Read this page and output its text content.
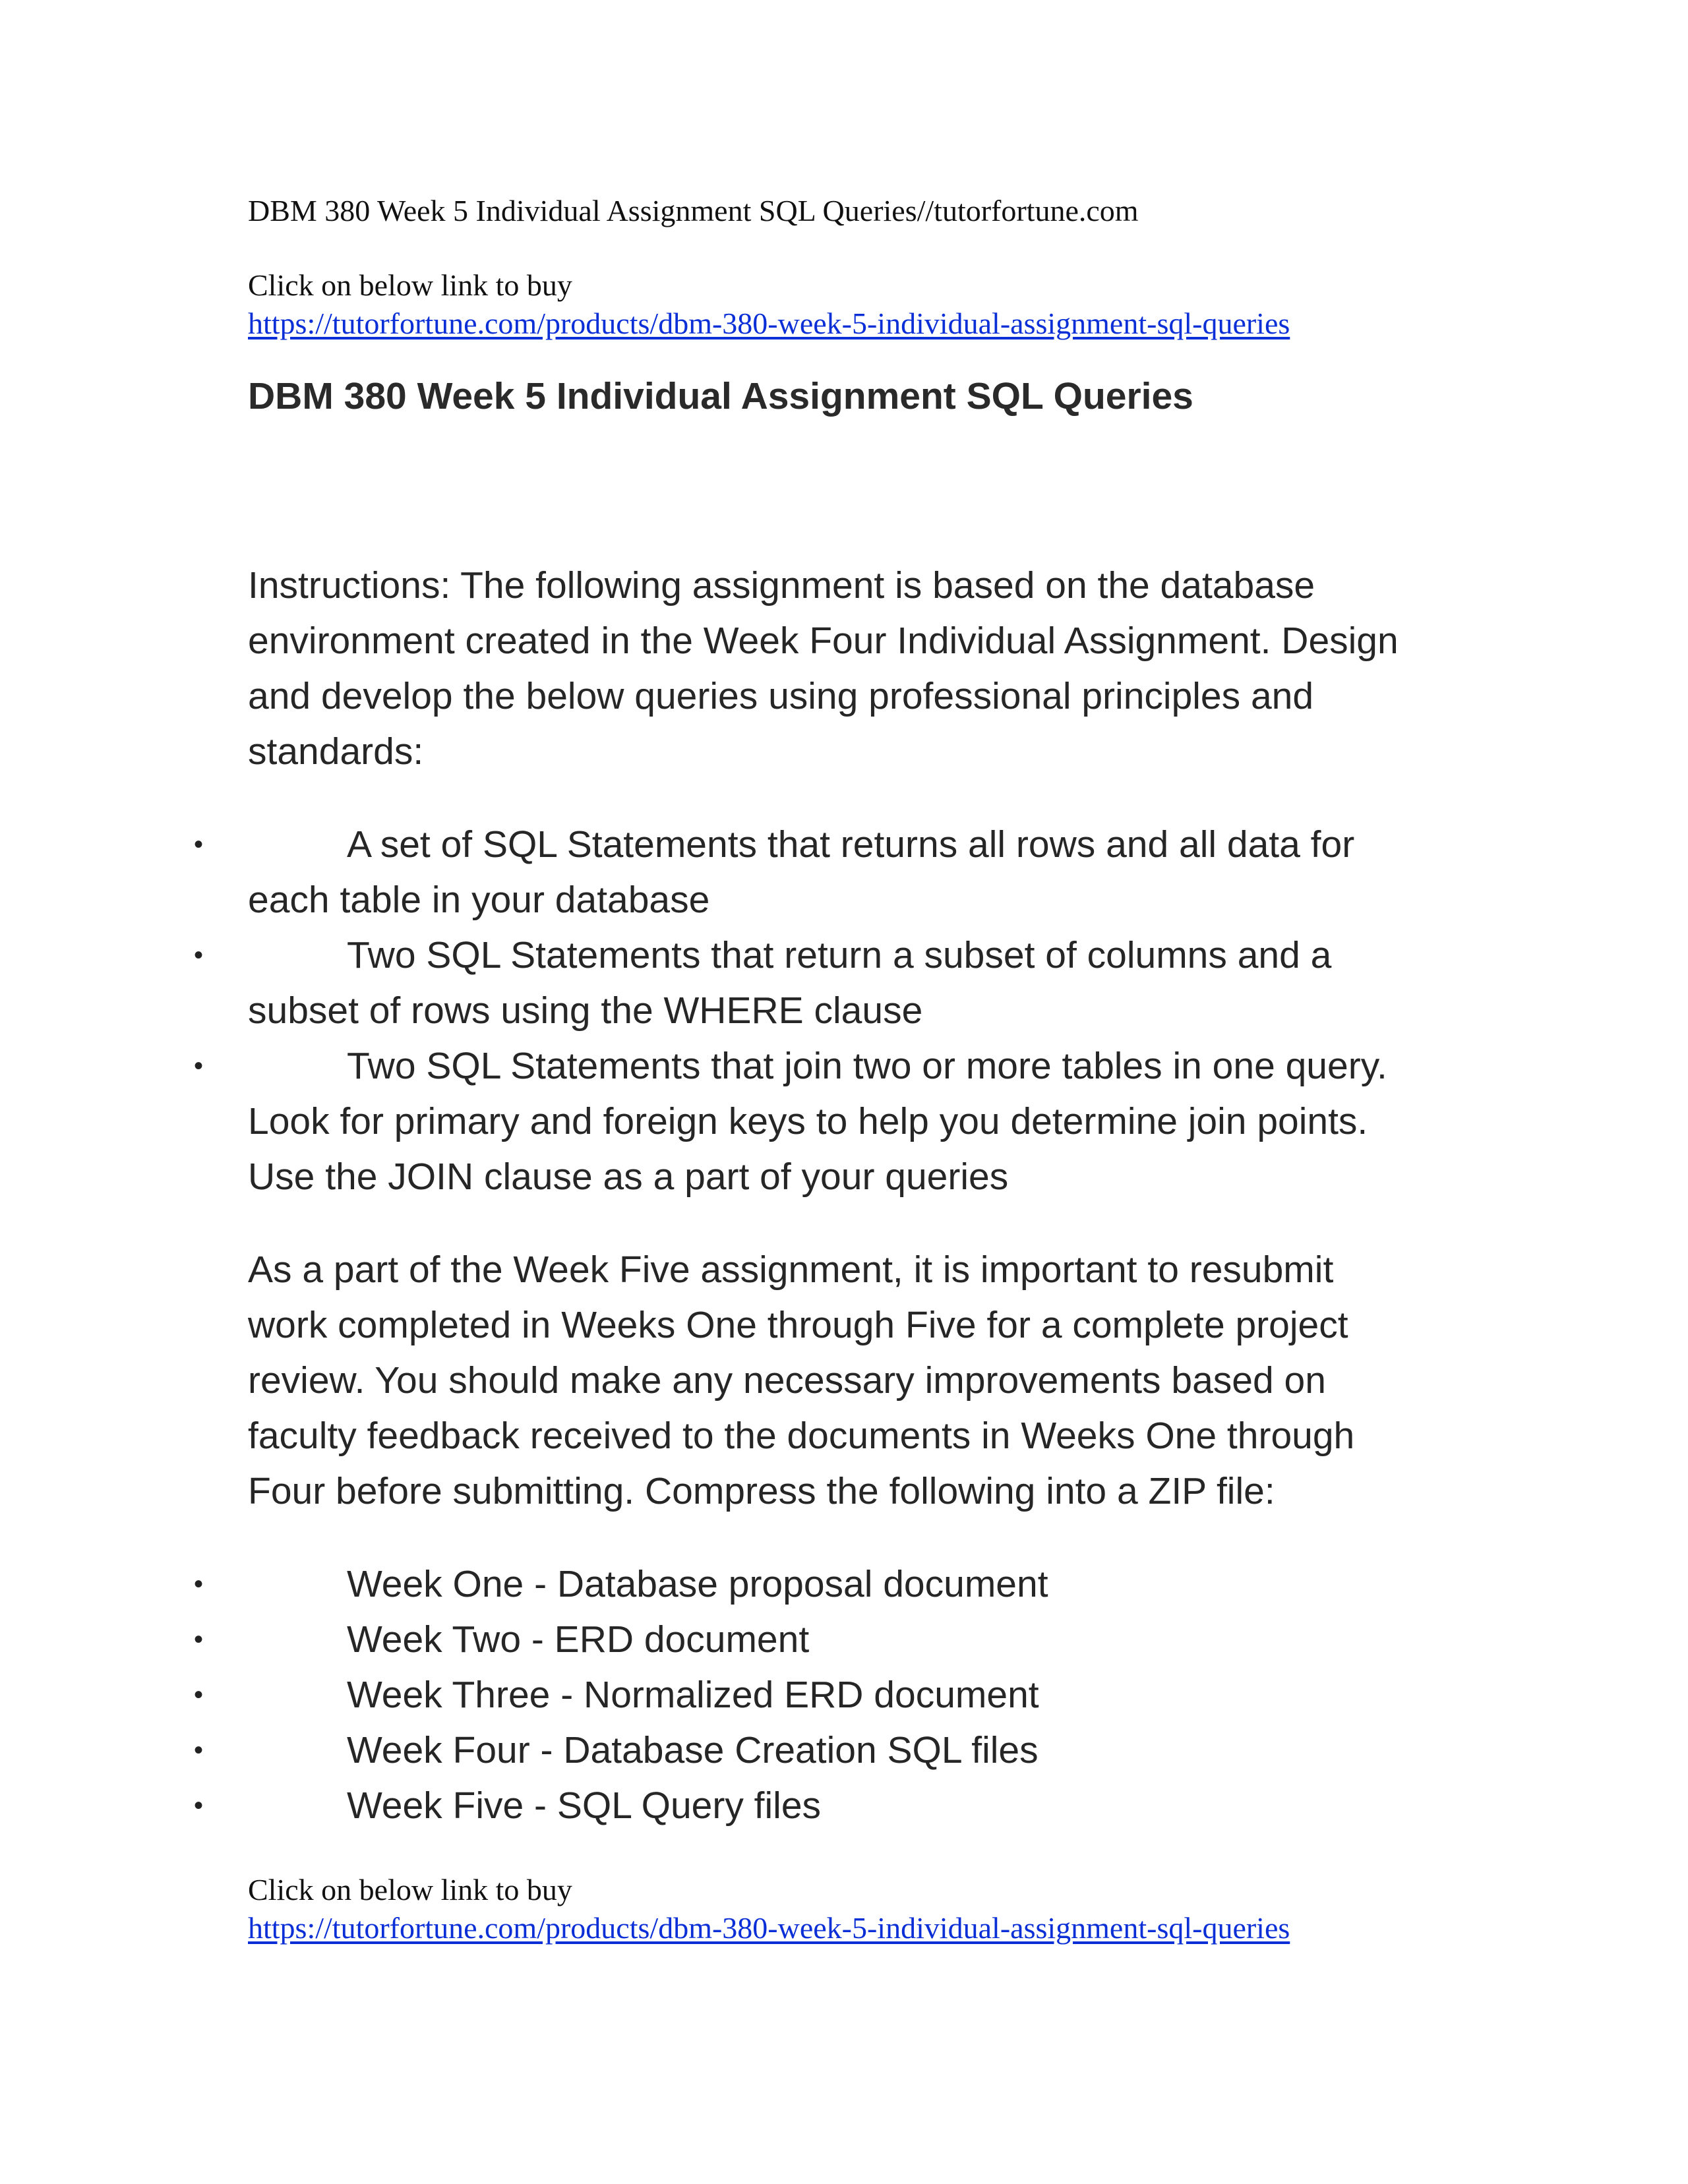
DBM 380 Week 5 Individual Assignment SQL Queries//tutorfortune.com

Click on below link to buy
https://tutorfortune.com/products/dbm-380-week-5-individual-assignment-sql-queries
DBM 380 Week 5 Individual Assignment SQL Queries

Instructions: The following assignment is based on the database

environment created in the Week Four Individual Assignment. Design

and develop the below queries using professional principles and

standards:

•	A set of SQL Statements that returns all rows and all data for
each table in your database
•	Two SQL Statements that return a subset of columns and a
subset of rows using the WHERE clause
•	Two SQL Statements that join two or more tables in one query.
Look for primary and foreign keys to help you determine join points.
Use the JOIN clause as a part of your queries

As a part of the Week Five assignment, it is important to resubmit

work completed in Weeks One through Five for a complete project

review. You should make any necessary improvements based on

faculty feedback received to the documents in Weeks One through

Four before submitting. Compress the following into a ZIP file:

•	Week One - Database proposal document
•	Week Two - ERD document
•	Week Three - Normalized ERD document
•	Week Four - Database Creation SQL files
•	Week Five - SQL Query files
Click on below link to buy
https://tutorfortune.com/products/dbm-380-week-5-individual-assignment-sql-queries
